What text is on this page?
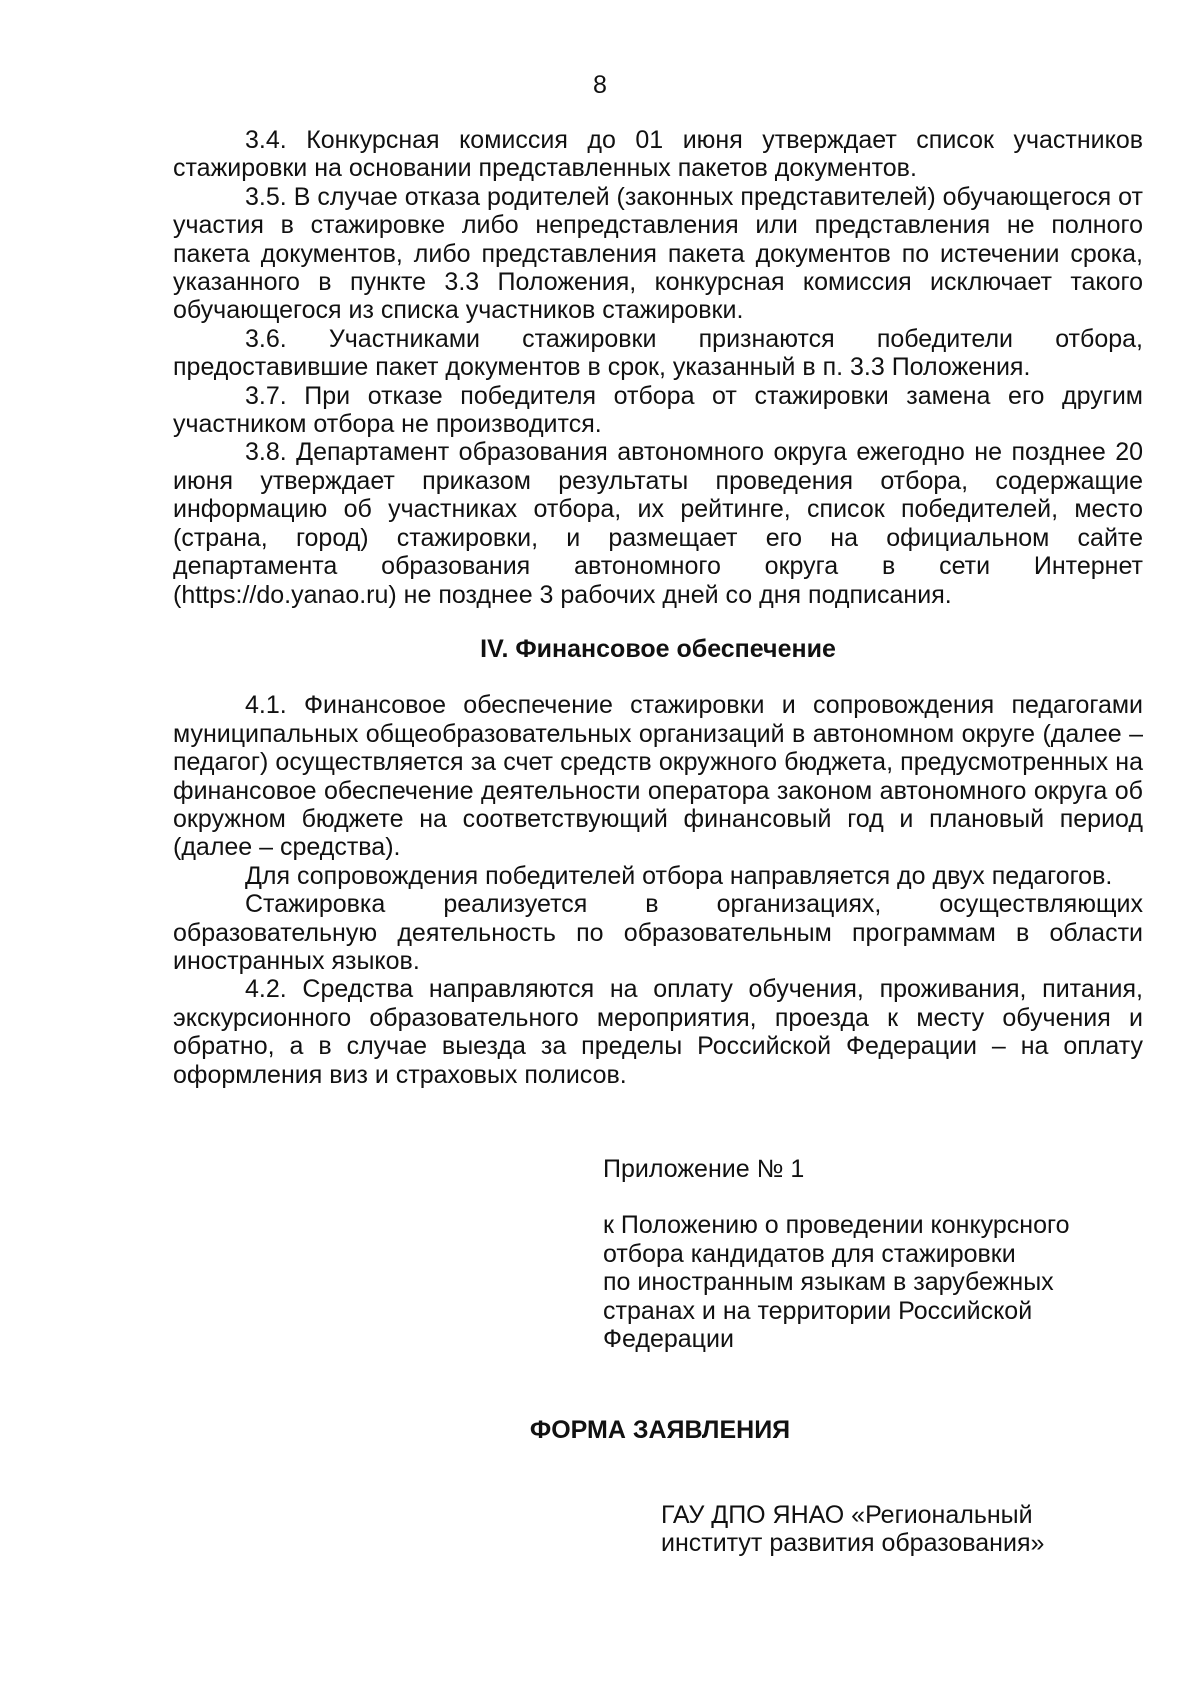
8

3.4. Конкурсная комиссия до 01 июня утверждает список участников стажировки на основании представленных пакетов документов.

3.5. В случае отказа родителей (законных представителей) обучающегося от участия в стажировке либо непредставления или представления не полного пакета документов, либо представления пакета документов по истечении срока, указанного в пункте 3.3 Положения, конкурсная комиссия исключает такого обучающегося из списка участников стажировки.

3.6. Участниками стажировки признаются победители отбора, предоставившие пакет документов в срок, указанный в п. 3.3 Положения.

3.7. При отказе победителя отбора от стажировки замена его другим участником отбора не производится.

3.8. Департамент образования автономного округа ежегодно не позднее 20 июня утверждает приказом результаты проведения отбора, содержащие информацию об участниках отбора, их рейтинге, список победителей, место (страна, город) стажировки, и размещает его на официальном сайте департамента образования автономного округа в сети Интернет (https://do.yanao.ru) не позднее 3 рабочих дней со дня подписания.

IV. Финансовое обеспечение

4.1. Финансовое обеспечение стажировки и сопровождения педагогами муниципальных общеобразовательных организаций в автономном округе (далее – педагог) осуществляется за счет средств окружного бюджета, предусмотренных на финансовое обеспечение деятельности оператора законом автономного округа об окружном бюджете на соответствующий финансовый год и плановый период (далее – средства).

Для сопровождения победителей отбора направляется до двух педагогов.

Стажировка реализуется в организациях, осуществляющих образовательную деятельность по образовательным программам в области иностранных языков.

4.2. Средства направляются на оплату обучения, проживания, питания, экскурсионного образовательного мероприятия, проезда к месту обучения и обратно, а в случае выезда за пределы Российской Федерации – на оплату оформления виз и страховых полисов.

Приложение № 1

к Положению о проведении конкурсного
отбора кандидатов для стажировки
по иностранным языкам в зарубежных
странах и на территории Российской
Федерации

ФОРМА ЗАЯВЛЕНИЯ
ГАУ ДПО ЯНАО «Региональный
институт развития образования»
